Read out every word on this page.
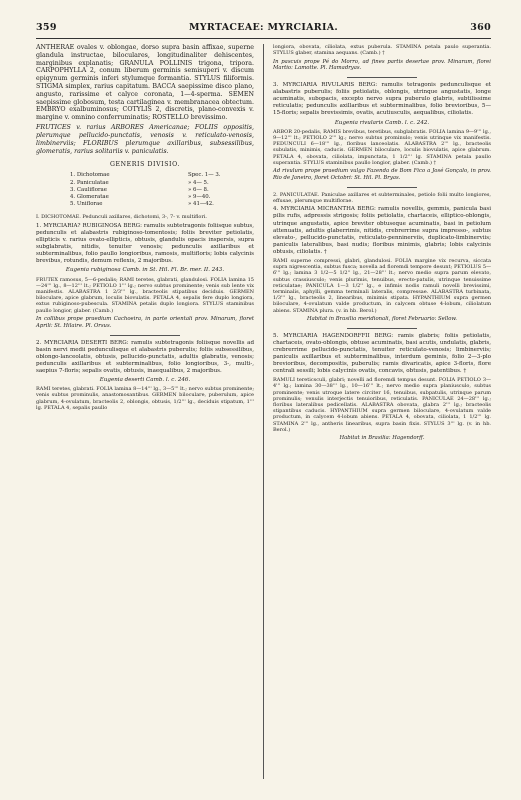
359	MYRTACEAE: MYRCIARIA.	360

ANTHERAE ovales v. oblongae, dorso supra basin affixae, superne glandula instructae, biloculares, longitudinaliter dehiscentes, marginibus explanatis; GRANULA POLLINIS trigona, tripora. CARPOPHYLLA 2, conum liberum germinis semisuperi v. discum epigynum germinis inferi stylumque formantia. STYLUS filiformis. STIGMA simplex, rarius capitatum. BACCA saepissime disco plano, angusto, rarissime et calyce coronata, 1—4-sperma. SEMEN saepissime globosum, testa cartilaginea v. membranacea obtectum. EMBRYO exalbuminosus; COTYLIS 2, discretis, plano-convexis v. margine v. omnino conferruminatis; ROSTELLO brevissimo.

FRUTICES v. rarius ARBORES Americanae; FOLIIS oppositis, plerumque pellucido-punctatis, venosis v. reticulato-venosis, limbinerviis; FLORIBUS plerumque axillaribus, subsessilibus, glomeratis, rarius solitariis v. paniculatis.

GENERIS DIVISIO.
1. Dichotomae	Spec. 1— 3.
2. Paniculatae	» 4— 5.
3. Cauliflorae	» 6— 8.
4. Glomeratae	» 9—40.
5. Uniflorae	» 41—42.

I. DICHOTOMAE. Pedunculi axillares, dichotomi, 3-, 7- v. multiflori.

1. MYRCIARIA? RUBIGINOSA BERG: ramulis subtetragonis foliisque subtus, pedunculis et alabastris rubiginoso-tomentosis; foliis breviter petiolatis, ellipticis v. rarius ovato-ellipticis, obtusis, glandulis opacis inspersis, supra subglabratis, nitidis, tenuiter venosis; pedunculis axillaribus et subterminalibus, folio paullo longioribus, ramosis, multifloris; lobis calycinis brevibus, rotundis, demum reflexis, 2 majoribus.

Eugenia rubiginosa Camb. in St. Hil. Fl. Br. mer. II. 243.

FRUTEX ramosus, 5—6-pedalis; RAMI teretes, glabrati, glandulosi. FOLIA lamina 15—24''' lg., 8—12''' lt.; PETIOLO 1''' lg.; nervo subtus prominente; venis sub lente vix manifestis. ALABASTRA 1 2/3''' lg., bracteolis stipatibus deciduis. GERMEN biloculare, apice glabrum, loculis biovulatis. PETALA 4, sepalis fere duplo longiora, extus rubiginoso-pubescula. STAMINA petalis duplo longiora. STYLUS staminibus paullo longior, glaber. (Camb.)

In collibus prope praedium Cachoeira, in parte orientali prov. Minarum, floret Aprili: St. Hilaire. Pl. Orsus.

2. MYRCIARIA DESERTI BERG: ramulis subtetragonis foliisque novellis ad basin nervi medii pedunculisque et alabastris puberulis; foliis subsessilibus, oblongo-lanceolatis, obtusis, pellucido-punctatis, adultis glabratis, venosis; pedunculis axillaribus et subterminalibus, folio longioribus, 3-, multi-, saepius 7-floris; sepalis ovatis, obtusis, inaequalibus, 2 majoribus.

Eugenia deserti Camb. l. c. 246.

RAMI teretes, glabrati. FOLIA lamina 8—14''' lg., 3—5''' lt.; nervo subtus prominente; venis subtus prominulis, anastomosantibus. GERMEN biloculare, puberulum, apice glabrum, 4-ovulatum, bracteolis 2, oblongis, obtusis, 1/2''' lg., deciduis stipatum, 1''' lg. PETALA 4, sepalis paullo

longiora, obovata, ciliolata, extus puberula. STAMINA petala paulo superantia. STYLUS glaber, stamina aequans. (Camb.) †

In pascuis prope Pé do Morro, ad fines partis desertae prov. Minarum, florei Martio: Lamotte. Pl. Hamadryas.

3. MYRCIARIA RIVULARIS BERG: ramulis tetragonis pedunculisque et alabastris puberulis; foliis petiolatis, oblongis, utrinque angustatis, longe acuminatis, subopacis, excepto nervo supra puberulo glabris, subtilissime reticulatis; pedunculis axillaribus et subterminalibus, folio brevioribus, 5—15-floris; sepalis brevissimis, ovatis, acutiusculis, aequalibus, ciliolatis.

Eugenia rivularis Camb. l. c. 242.

ARBOR 20-pedalis, RAMIS brevibus, teretibus, subglabratis. FOLIA lamina 9—9''' lg., 9—12''' lt.; PETIOLO 2''' lg.; nervo subtus prominulo; venis utrinque vix manifestis. PEDUNCULI 6—18''' lg., floribus lanceolatis. ALABASTRA 2''' lg., bracteolis subulatis, minimis, caducis. GERMEN biloculare, loculis biovulatis, apice glabrum. PETALA 4, obovata, ciliolata, impunctata, 1 1/2''' lg. STAMINA petala paullo superantia. STYLUS staminibus paullo longior, glaber. (Camb.) †

Ad rivulum prope praedium vulgo Fazenda de Bom Fico a José Gonçalo, in prov. Rio de Janeiro, floret Octobri: St. Hil. Pl. Bryas.

2. PANICULATAE. Paniculae axillares et subterminales, petiolo folii multo longiores, effusae, plerumque multiflorae.

4. MYRCIARIA MICRANTHA BERG: ramulis novellis, gemmis, panicula basi pilis rufis, adpressis strigosis; foliis petiolatis, chartaceis, elliptico-oblongis, utrinque angustatis, apice breviter obtuseque acuminatis, basi in petiolum attenuatis, adultis glaberrimis, nitidis, crebrerrime supra impresso-, subtus elevato-, pellucido-punctatis, reticulato-penninerviis, duplicato-limbinerviis; paniculis lateralibus, basi nudis; floribus minimis, glabris; lobis calycinis obtusis, ciliolatis. †

RAMI superne compressi, glabri, glandulosi. FOLIA margine vix recurva, siccata supra nigrescentia, subtus fusca; novella ad floremdi tempore desunt; PETIOLUS 5—6''' lg.; lamina 3 1/2—5 1/2'' lg., 21—28''' lt.; nervo medio supra parum elevato, subtus crassiusculo; venis plurimis, tenuibus, erecto-patulis, utrinque tenuissime reticulatae; PANICULA 1—3 1/2'' lg., e infimis nodis ramuli novelli brevissimi, terminalis, aphylli, gemma terminali lateralis, compressae. ALABASTRA turbinata, 1/3''' lg., bracteolis 2, linearibus, minimis stipata. HYPANTHIUM supra germen biloculare, 4-ovulatum valde productum, in calycem obtuse 4-lobum, ciliolatum abiens. STAMINA plura. (v. in hb. Berol.)

Habitat in Brasilia meridionali, floret Februario: Sellow.

5. MYRCIARIA HAGENDORFFII BERG: ramis glabris; foliis petiolatis, chartaceis, ovato-oblongis, obtuse acuminatis, basi acutis, undulatis, glabris, crebrerrime pellucido-punctatis, tenuiter reticulato-venosis; limbinerviis; paniculis axillaribus et subterminalibus, interdum geminis, folio 2—3-plo brevioribus, decompositis, puberulis; ramis divaricatis, apice 3-floris, flore centrali sessili; lobis calycinis ovatis, concavis, obtusis, patentibus. †

RAMULI tereticsculi, glabri; novelli ad floremdi tempus desunt. FOLIA PETIOLO 3—4''' lg.; lamina 30—38''' lg., 10—16''' lt.; nervo medio supra planiusculo, subtus prominente; venis utroque latere circiter 16, tenuibus, subpatulis, utrinque parum prominulis; venulis interjectis tenuioribus, reticulatis. PANICULAE 24—28''' lg.; floribus lateralibus pedicellatis. ALABASTRA obovata, glabra 2''' lg.; bracteolis stipantibus caducis. HYPANTHIUM supra germen biloculare, 4-ovulatum valde productum, in calycem 4-lobum abiens. PETALA 4, obovata, ciliolata, 1 1/2''' lg. STAMINA 2''' lg., antheris linearibus, supra basin fixis. STYLUS 3''' lg. (v. in hb. Berol.)

Habitat in Brasilia: Hagendorff.
